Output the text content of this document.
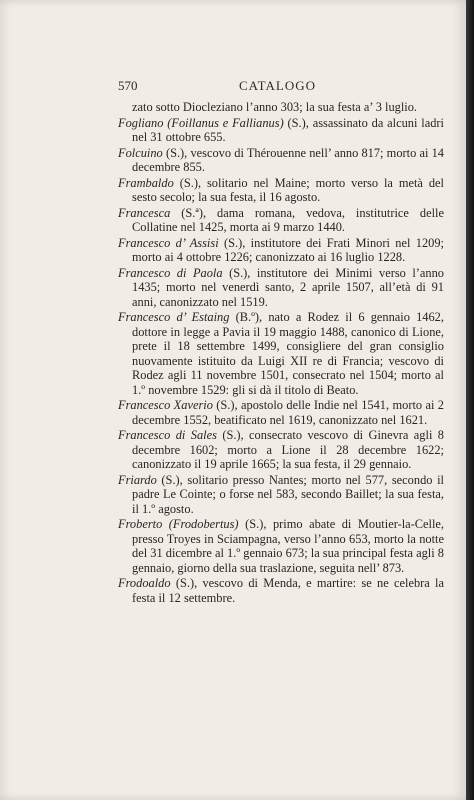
570	CATALOGO

zato sotto Diocleziano l’anno 303; la sua festa a’ 3 luglio.

Fogliano (Foillanus e Fallianus) (S.), assassinato da alcuni ladri nel 31 ottobre 655.

Folcuino (S.), vescovo di Thérouenne nell’ anno 817; morto ai 14 decembre 855.

Frambaldo (S.), solitario nel Maine; morto verso la metà del sesto secolo; la sua festa, il 16 agosto.

Francesca (S.ª), dama romana, vedova, institutrice delle Collatine nel 1425, morta ai 9 marzo 1440.

Francesco d’ Assisi (S.), institutore dei Frati Minori nel 1209; morto ai 4 ottobre 1226; canonizzato ai 16 luglio 1228.

Francesco di Paola (S.), institutore dei Minimi verso l’anno 1435; morto nel venerdì santo, 2 aprile 1507, all’età di 91 anni, canonizzato nel 1519.

Francesco d’ Estaing (B.º), nato a Rodez il 6 gennaio 1462, dottore in legge a Pavia il 19 maggio 1488, canonico di Lione, prete il 18 settembre 1499, consigliere del gran consiglio nuovamente istituito da Luigi XII re di Francia; vescovo di Rodez agli 11 novembre 1501, consecrato nel 1504; morto al 1.º novembre 1529: gli si dà il titolo di Beato.

Francesco Xaverio (S.), apostolo delle Indie nel 1541, morto ai 2 decembre 1552, beatificato nel 1619, canonizzato nel 1621.

Francesco di Sales (S.), consecrato vescovo di Ginevra agli 8 decembre 1602; morto a Lione il 28 decembre 1622; canonizzato il 19 aprile 1665; la sua festa, il 29 gennaio.

Friardo (S.), solitario presso Nantes; morto nel 577, secondo il padre Le Cointe; o forse nel 583, secondo Baillet; la sua festa, il 1.º agosto.

Froberto (Frodobertus) (S.), primo abate di Moutier-la-Celle, presso Troyes in Sciampagna, verso l’anno 653, morto la notte del 31 dicembre al 1.º gennaio 673; la sua principal festa agli 8 gennaio, giorno della sua traslazione, seguita nell’ 873.

Frodoaldo (S.), vescovo di Menda, e martire: se ne celebra la festa il 12 settembre.
